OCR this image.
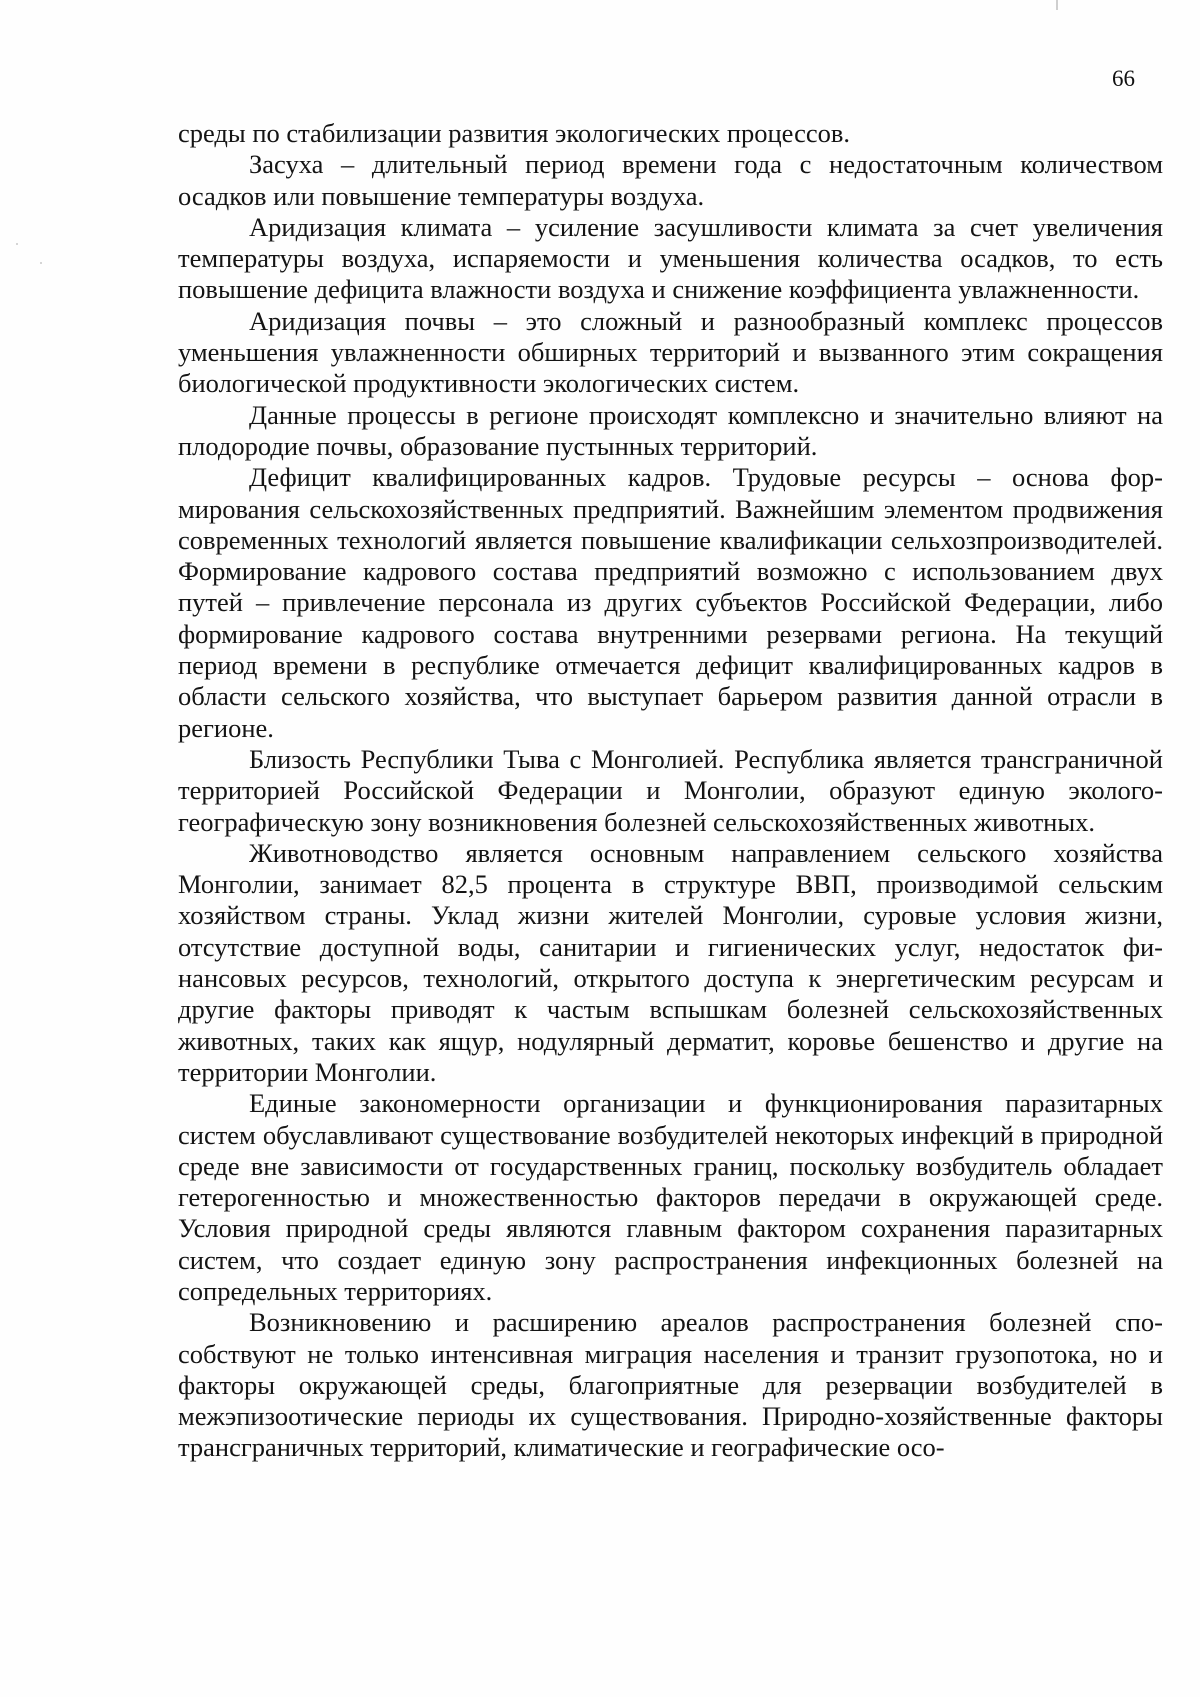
66

среды по стабилизации развития экологических процессов.

Засуха – длительный период времени года с недостаточным количеством осадков или повышение температуры воздуха.

Аридизация климата – усиление засушливости климата за счет увеличения температуры воздуха, испаряемости и уменьшения количества осадков, то есть повышение дефицита влажности воздуха и снижение коэффициента увлажненности.

Аридизация почвы – это сложный и разнообразный комплекс процессов уменьшения увлажненности обширных территорий и вызванного этим сокращения биологической продуктивности экологических систем.

Данные процессы в регионе происходят комплексно и значительно влияют на плодородие почвы, образование пустынных территорий.

Дефицит квалифицированных кадров. Трудовые ресурсы – основа формирования сельскохозяйственных предприятий. Важнейшим элементом продвижения современных технологий является повышение квалификации сельхозпроизводителей. Формирование кадрового состава предприятий возможно с использованием двух путей – привлечение персонала из других субъектов Российской Федерации, либо формирование кадрового состава внутренними резервами региона. На текущий период времени в республике отмечается дефицит квалифицированных кадров в области сельского хозяйства, что выступает барьером развития данной отрасли в регионе.

Близость Республики Тыва с Монголией. Республика является трансграничной территорией Российской Федерации и Монголии, образуют единую эколого-географическую зону возникновения болезней сельскохозяйственных животных.

Животноводство является основным направлением сельского хозяйства Монголии, занимает 82,5 процента в структуре ВВП, производимой сельским хозяйством страны. Уклад жизни жителей Монголии, суровые условия жизни, отсутствие доступной воды, санитарии и гигиенических услуг, недостаток финансовых ресурсов, технологий, открытого доступа к энергетическим ресурсам и другие факторы приводят к частым вспышкам болезней сельскохозяйственных животных, таких как ящур, нодулярный дерматит, коровье бешенство и другие на территории Монголии.

Единые закономерности организации и функционирования паразитарных систем обуславливают существование возбудителей некоторых инфекций в природной среде вне зависимости от государственных границ, поскольку возбудитель обладает гетерогенностью и множественностью факторов передачи в окружающей среде. Условия природной среды являются главным фактором сохранения паразитарных систем, что создает единую зону распространения инфекционных болезней на сопредельных территориях.

Возникновению и расширению ареалов распространения болезней способствуют не только интенсивная миграция населения и транзит грузопотока, но и факторы окружающей среды, благоприятные для резервации возбудителей в межэпизоотические периоды их существования. Природно-хозяйственные факторы трансграничных территорий, климатические и географические осо-
